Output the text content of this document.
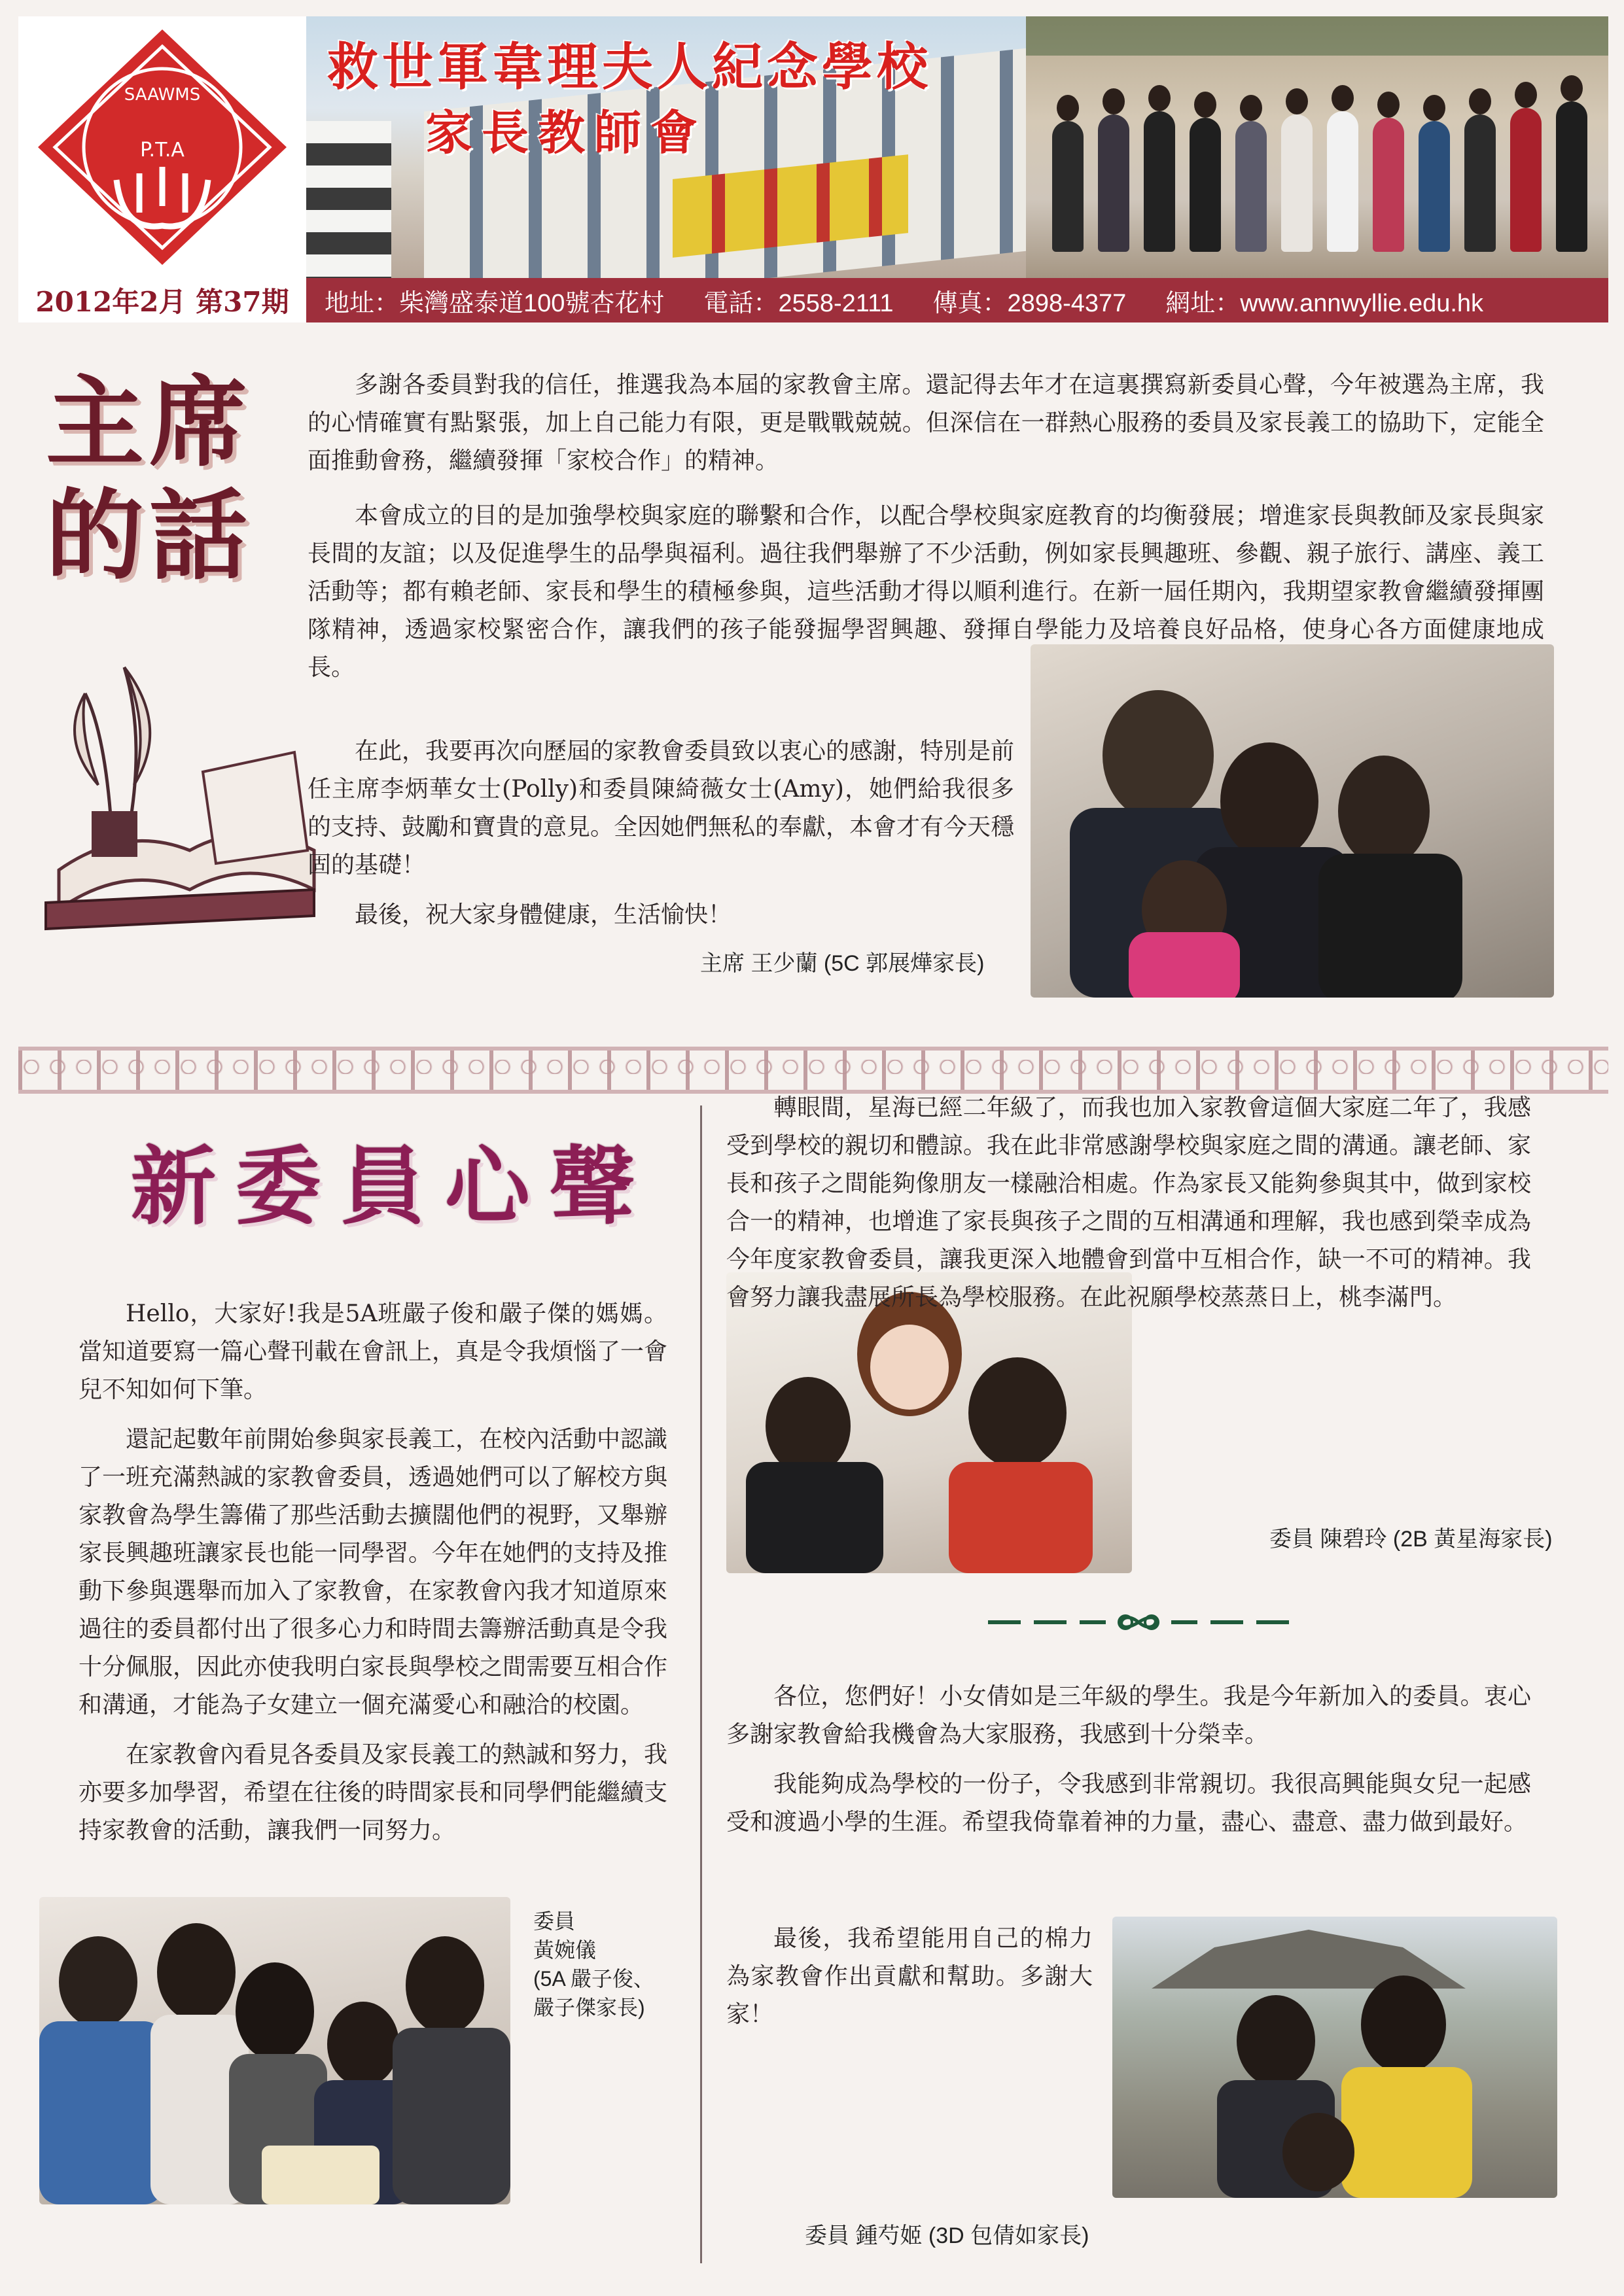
SAAWMS
P.T.A
救世軍韋理夫人紀念學校
家長教師會
2012年2月 第37期	地址：柴灣盛泰道100號杏花村 電話：2558-2111 傳真：2898-4377 網址：www.annwyllie.edu.hk
主席
的話

多謝各委員對我的信任，推選我為本屆的家教會主席。還記得去年才在這裏撰寫新委員心聲，今年被選為主席，我的心情確實有點緊張，加上自己能力有限，更是戰戰兢兢。但深信在一群熱心服務的委員及家長義工的協助下，定能全面推動會務，繼續發揮「家校合作」的精神。

本會成立的目的是加強學校與家庭的聯繫和合作，以配合學校與家庭教育的均衡發展；增進家長與教師及家長與家長間的友誼；以及促進學生的品學與福利。過往我們舉辦了不少活動，例如家長興趣班、參觀、親子旅行、講座、義工活動等；都有賴老師、家長和學生的積極參與，這些活動才得以順利進行。在新一屆任期內，我期望家教會繼續發揮團隊精神，透過家校緊密合作，讓我們的孩子能發掘學習興趣、發揮自學能力及培養良好品格，使身心各方面健康地成長。

在此，我要再次向歷屆的家教會委員致以衷心的感謝，特別是前任主席李炳華女士(Polly)和委員陳綺薇女士(Amy)，她們給我很多的支持、鼓勵和寶貴的意見。全因她們無私的奉獻，本會才有今天穩固的基礎！

最後，祝大家身體健康，生活愉快！

主席 王少蘭 (5C 郭展燁家長)
新委員心聲

Hello，大家好!我是5A班嚴子俊和嚴子傑的媽媽。當知道要寫一篇心聲刊載在會訊上，真是令我煩惱了一會兒不知如何下筆。

還記起數年前開始參與家長義工，在校內活動中認識了一班充滿熱誠的家教會委員，透過她們可以了解校方與家教會為學生籌備了那些活動去擴闊他們的視野，又舉辦家長興趣班讓家長也能一同學習。今年在她們的支持及推動下參與選舉而加入了家教會，在家教會內我才知道原來過往的委員都付出了很多心力和時間去籌辦活動真是令我十分佩服，因此亦使我明白家長與學校之間需要互相合作和溝通，才能為子女建立一個充滿愛心和融洽的校園。

在家教會內看見各委員及家長義工的熱誠和努力，我亦要多加學習，希望在往後的時間家長和同學們能繼續支持家教會的活動，讓我們一同努力。

委員
黃婉儀
(5A 嚴子俊、
嚴子傑家長)

轉眼間，星海已經二年級了，而我也加入家教會這個大家庭二年了，我感受到學校的親切和體諒。我在此非常感謝學校與家庭之間的溝通。讓老師、家長和孩子之間能夠像朋友一樣融洽相處。作為家長又能夠參與其中，做到家校合一的精神，也增進了家長與孩子之間的互相溝通和理解，我也感到榮幸成為今年度家教會委員，讓我更深入地體會到當中互相合作，缺一不可的精神。我會努力讓我盡展所長為學校服務。在此祝願學校蒸蒸日上，桃李滿門。

委員 陳碧玲 (2B 黃星海家長)

各位，您們好！小女倩如是三年級的學生。我是今年新加入的委員。衷心多謝家教會給我機會為大家服務，我感到十分榮幸。

我能夠成為學校的一份子，令我感到非常親切。我很高興能與女兒一起感受和渡過小學的生涯。希望我倚靠着神的力量，盡心、盡意、盡力做到最好。

最後，我希望能用自己的棉力為家教會作出貢獻和幫助。多謝大家！

委員 鍾芍姬 (3D 包倩如家長)
